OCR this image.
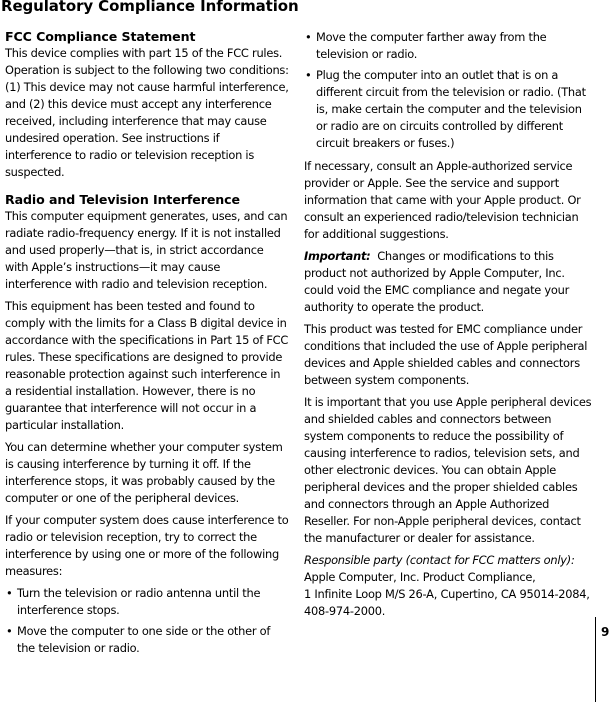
Regulatory Compliance Information
FCC Compliance Statement

This device complies with part 15 of the FCC rules. Operation is subject to the following two conditions: (1) This device may not cause harmful interference, and (2) this device must accept any interference received, including interference that may cause undesired operation. See instructions if interference to radio or television reception is suspected.

Radio and Television Interference

This computer equipment generates, uses, and can radiate radio-frequency energy. If it is not installed and used properly—that is, in strict accordance with Apple’s instructions—it may cause interference with radio and television reception.

This equipment has been tested and found to comply with the limits for a Class B digital device in accordance with the specifications in Part 15 of FCC rules. These specifications are designed to provide reasonable protection against such interference in a residential installation. However, there is no guarantee that interference will not occur in a particular installation.

You can determine whether your computer system is causing interference by turning it off. If the interference stops, it was probably caused by the computer or one of the peripheral devices.

If your computer system does cause interference to radio or television reception, try to correct the interference by using one or more of the following measures:

• Turn the television or radio antenna until the interference stops.
• Move the computer to one side or the other of the television or radio.
• Move the computer farther away from the television or radio.
• Plug the computer into an outlet that is on a different circuit from the television or radio. (That is, make certain the computer and the television or radio are on circuits controlled by different circuit breakers or fuses.)

If necessary, consult an Apple-authorized service provider or Apple. See the service and support information that came with your Apple product. Or consult an experienced radio/television technician for additional suggestions.

Important: Changes or modifications to this product not authorized by Apple Computer, Inc. could void the EMC compliance and negate your authority to operate the product.

This product was tested for EMC compliance under conditions that included the use of Apple peripheral devices and Apple shielded cables and connectors between system components.

It is important that you use Apple peripheral devices and shielded cables and connectors between system components to reduce the possibility of causing interference to radios, television sets, and other electronic devices. You can obtain Apple peripheral devices and the proper shielded cables and connectors through an Apple Authorized Reseller. For non-Apple peripheral devices, contact the manufacturer or dealer for assistance.

Responsible party (contact for FCC matters only):
Apple Computer, Inc. Product Compliance,
1 Infinite Loop M/S 26-A, Cupertino, CA 95014-2084,
408-974-2000.
9
